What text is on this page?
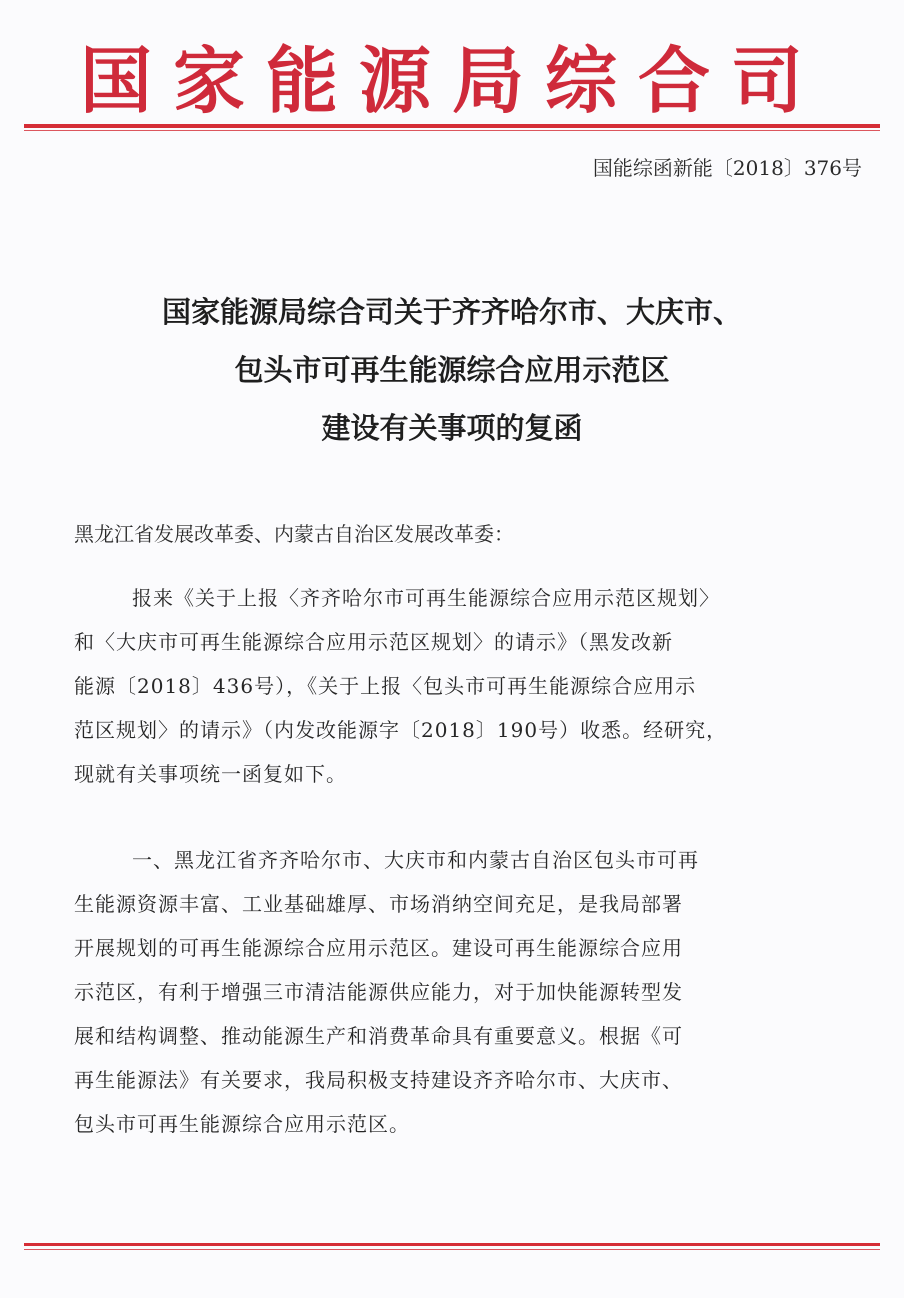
国家能源局综合司
国能综函新能〔2018〕376号
国家能源局综合司关于齐齐哈尔市、大庆市、
包头市可再生能源综合应用示范区
建设有关事项的复函
黑龙江省发展改革委、内蒙古自治区发展改革委：
报来《关于上报〈齐齐哈尔市可再生能源综合应用示范区规划〉
和〈大庆市可再生能源综合应用示范区规划〉的请示》（黑发改新
能源〔2018〕436号），《关于上报〈包头市可再生能源综合应用示
范区规划〉的请示》（内发改能源字〔2018〕190号）收悉。经研究，
现就有关事项统一函复如下。
一、黑龙江省齐齐哈尔市、大庆市和内蒙古自治区包头市可再
生能源资源丰富、工业基础雄厚、市场消纳空间充足，是我局部署
开展规划的可再生能源综合应用示范区。建设可再生能源综合应用
示范区，有利于增强三市清洁能源供应能力，对于加快能源转型发
展和结构调整、推动能源生产和消费革命具有重要意义。根据《可
再生能源法》有关要求，我局积极支持建设齐齐哈尔市、大庆市、
包头市可再生能源综合应用示范区。
